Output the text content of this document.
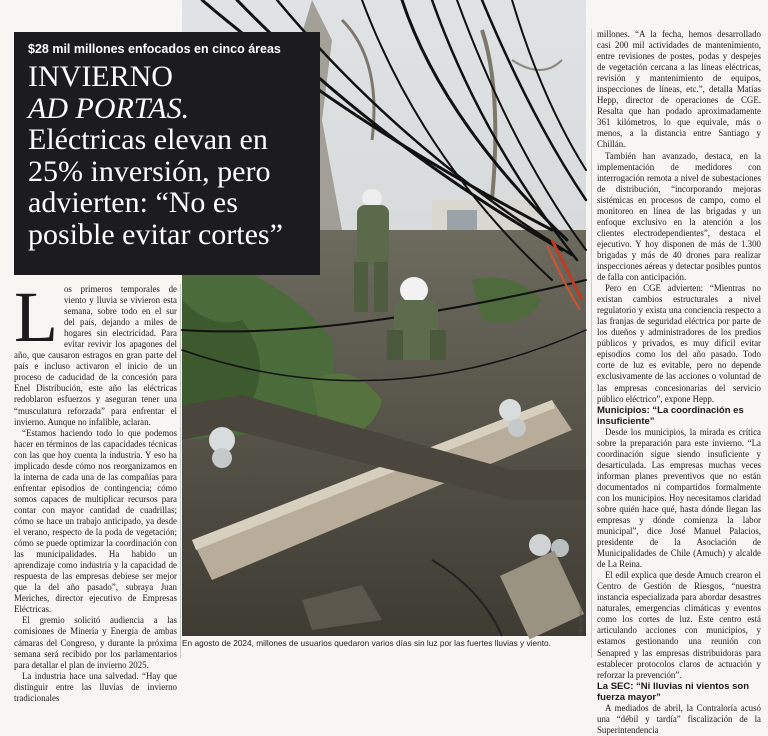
HÉCTOR ARAVENA
En agosto de 2024, millones de usuarios quedaron varios días sin luz por las fuertes lluvias y viento.

$28 mil millones enfocados en cinco áreas

INVIERNO

AD PORTAS.

Eléctricas elevan en

25% inversión, pero

advierten: “No es

posible evitar cortes”

Los primeros temporales de viento y lluvia se vivieron esta semana, sobre todo en el sur del país, dejando a miles de hogares sin electricidad. Para evitar revivir los apagones del año, que causaron estragos en gran parte del país e incluso activaron el inicio de un proceso de caducidad de la concesión para Enel Distribución, este año las eléctricas redoblaron esfuerzos y aseguran tener una “musculatura reforzada” para enfrentar el invierno. Aunque no infalible, aclaran.

“Estamos haciendo todo lo que podemos hacer en términos de las capacidades técnicas con las que hoy cuenta la industria. Y eso ha implicado desde cómo nos reorganizamos en la interna de cada una de las compañías para enfrentar episodios de contingencia; cómo somos capaces de multiplicar recursos para contar con mayor cantidad de cuadrillas; cómo se hace un trabajo anticipado, ya desde el verano, respecto de la poda de vegetación; cómo se puede optimizar la coordinación con las municipalidades. Ha habido un aprendizaje como industria y la capacidad de respuesta de las empresas debiese ser mejor que la del año pasado”, subraya Juan Meriches, director ejecutivo de Empresas Eléctricas.

El gremio solicitó audiencia a las comisiones de Minería y Energía de ambas cámaras del Congreso, y durante la próxima semana será recibido por los parlamentarios para detallar el plan de invierno 2025.

La industria hace una salvedad. “Hay que distinguir entre las lluvias de invierno tradicionales

millones. “A la fecha, hemos desarrollado casi 200 mil actividades de mantenimiento, entre revisiones de postes, podas y despejes de vegetación cercana a las líneas eléctricas, revisión y mantenimiento de equipos, inspecciones de líneas, etc.”, detalla Matías Hepp, director de operaciones de CGE. Resalta que han podado aproximadamente 361 kilómetros, lo que equivale, más o menos, a la distancia entre Santiago y Chillán.

También han avanzado, destaca, en la implementación de medidores con interrogación remota a nivel de subestaciones de distribución, “incorporando mejoras sistémicas en procesos de campo, como el monitoreo en línea de las brigadas y un enfoque exclusivo en la atención a los clientes electrodependientes”, destaca el ejecutivo. Y hoy disponen de más de 1.300 brigadas y más de 40 drones para realizar inspecciones aéreas y detectar posibles puntos de falla con anticipación.

Pero en CGE advierten: “Mientras no existan cambios estructurales a nivel regulatorio y exista una conciencia respecto a las franjas de seguridad eléctrica por parte de los dueños y administradores de los predios públicos y privados, es muy difícil evitar episodios como los del año pasado. Todo corte de luz es evitable, pero no depende exclusivamente de las acciones o voluntad de las empresas concesionarias del servicio público eléctrico”, expone Hepp.

Municipios: “La coordinación es insuficiente”

Desde los municipios, la mirada es crítica sobre la preparación para este invierno. “La coordinación sigue siendo insuficiente y desarticulada. Las empresas muchas veces informan planes preventivos que no están documentados ni compartidos formalmente con los municipios. Hoy necesitamos claridad sobre quién hace qué, hasta dónde llegan las empresas y dónde comienza la labor municipal”, dice José Manuel Palacios, presidente de la Asociación de Municipalidades de Chile (Amuch) y alcalde de La Reina.

El edil explica que desde Amuch crearon el Centro de Gestión de Riesgos, “nuestra instancia especializada para abordar desastres naturales, emergencias climáticas y eventos como los cortes de luz. Este centro está articulando acciones con municipios, y estamos gestionando una reunión con Senapred y las empresas distribuidoras para establecer protocolos claros de actuación y reforzar la prevención”.

La SEC: “Ni lluvias ni vientos son fuerza mayor”

A mediados de abril, la Contraloría acusó una “débil y tardía” fiscalización de la Superintendencia
